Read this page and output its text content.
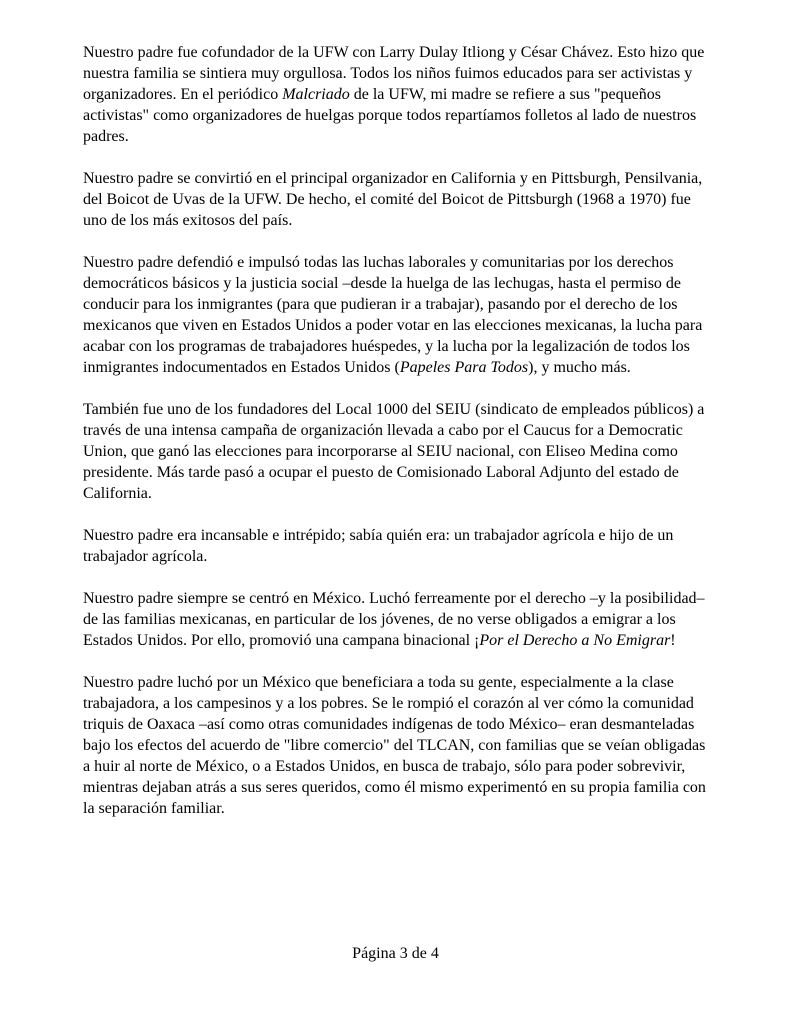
Nuestro padre fue cofundador de la UFW con Larry Dulay Itliong y César Chávez. Esto hizo que nuestra familia se sintiera muy orgullosa. Todos los niños fuimos educados para ser activistas y organizadores. En el periódico Malcriado de la UFW, mi madre se refiere a sus "pequeños activistas" como organizadores de huelgas porque todos repartíamos folletos al lado de nuestros padres.

Nuestro padre se convirtió en el principal organizador en California y en Pittsburgh, Pensilvania, del Boicot de Uvas de la UFW. De hecho, el comité del Boicot de Pittsburgh (1968 a 1970) fue uno de los más exitosos del país.

Nuestro padre defendió e impulsó todas las luchas laborales y comunitarias por los derechos democráticos básicos y la justicia social –desde la huelga de las lechugas, hasta el permiso de conducir para los inmigrantes (para que pudieran ir a trabajar), pasando por el derecho de los mexicanos que viven en Estados Unidos a poder votar en las elecciones mexicanas, la lucha para acabar con los programas de trabajadores huéspedes, y la lucha por la legalización de todos los inmigrantes indocumentados en Estados Unidos (Papeles Para Todos), y mucho más.

También fue uno de los fundadores del Local 1000 del SEIU (sindicato de empleados públicos) a través de una intensa campaña de organización llevada a cabo por el Caucus for a Democratic Union, que ganó las elecciones para incorporarse al SEIU nacional, con Eliseo Medina como presidente. Más tarde pasó a ocupar el puesto de Comisionado Laboral Adjunto del estado de California.

Nuestro padre era incansable e intrépido; sabía quién era: un trabajador agrícola e hijo de un trabajador agrícola.

Nuestro padre siempre se centró en México. Luchó ferreamente por el derecho –y la posibilidad– de las familias mexicanas, en particular de los jóvenes, de no verse obligados a emigrar a los Estados Unidos. Por ello, promovió una campana binacional ¡Por el Derecho a No Emigrar!

Nuestro padre luchó por un México que beneficiara a toda su gente, especialmente a la clase trabajadora, a los campesinos y a los pobres. Se le rompió el corazón al ver cómo la comunidad triquis de Oaxaca –así como otras comunidades indígenas de todo México– eran desmanteladas bajo los efectos del acuerdo de "libre comercio" del TLCAN, con familias que se veían obligadas a huir al norte de México, o a Estados Unidos, en busca de trabajo, sólo para poder sobrevivir, mientras dejaban atrás a sus seres queridos, como él mismo experimentó en su propia familia con la separación familiar.

Página 3 de 4
